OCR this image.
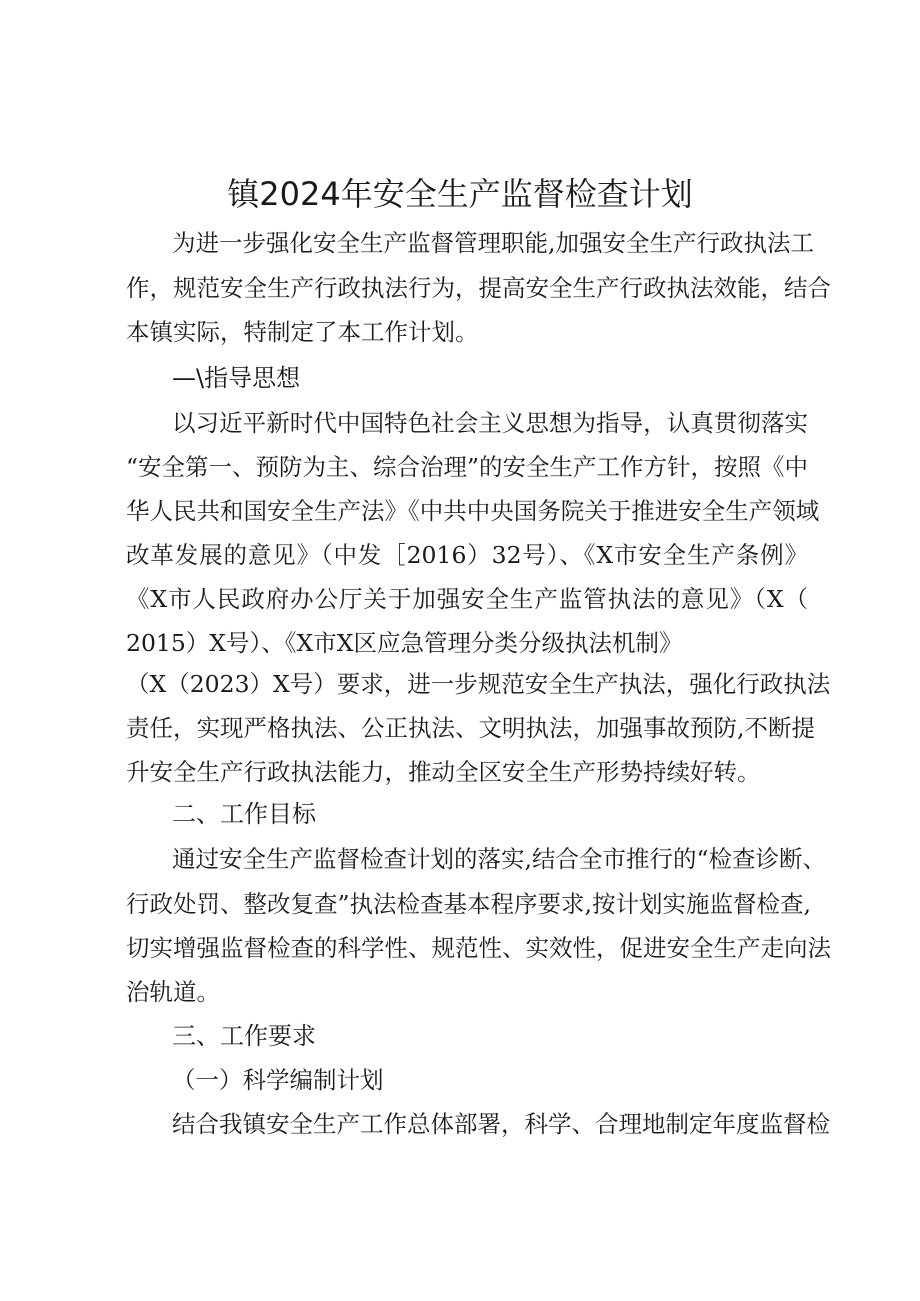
镇2024年安全生产监督检查计划

为进一步强化安全生产监督管理职能,加强安全生产行政执法工

作，规范安全生产行政执法行为，提高安全生产行政执法效能，结合

本镇实际，特制定了本工作计划。

—\指导思想

以习近平新时代中国特色社会主义思想为指导，认真贯彻落实

“安全第一、预防为主、综合治理”的安全生产工作方针，按照《中

华人民共和国安全生产法》《中共中央国务院关于推进安全生产领域

改革发展的意见》（中发［2016）32号）、《X市安全生产条例》

《X市人民政府办公厅关于加强安全生产监管执法的意见》（X（

2015）X号）、《X市X区应急管理分类分级执法机制》

（X（2023）X号）要求，进一步规范安全生产执法，强化行政执法

责任，实现严格执法、公正执法、文明执法，加强事故预防,不断提

升安全生产行政执法能力，推动全区安全生产形势持续好转。

二、工作目标

通过安全生产监督检查计划的落实,结合全市推行的“检查诊断、

行政处罚、整改复查”执法检查基本程序要求,按计划实施监督检查,

切实增强监督检查的科学性、规范性、实效性，促进安全生产走向法

治轨道。

三、工作要求

（一）科学编制计划

结合我镇安全生产工作总体部署，科学、合理地制定年度监督检
